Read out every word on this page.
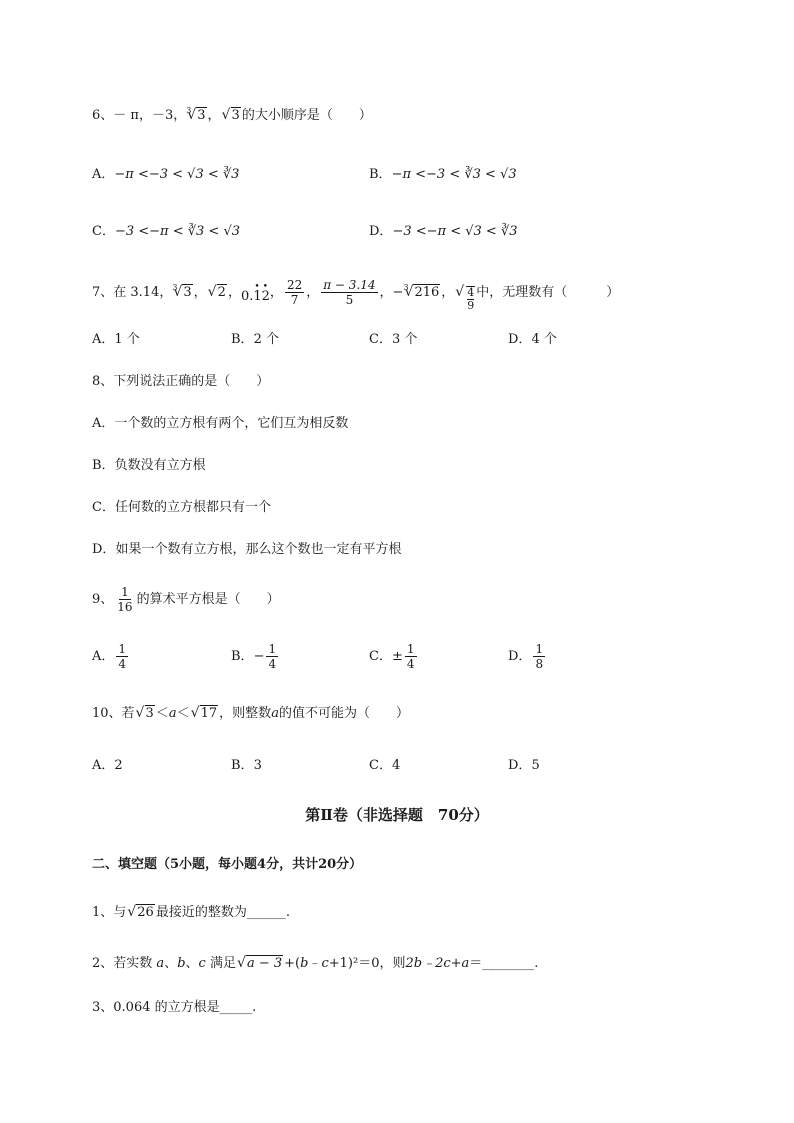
6、－ π，－3， √ 3 3 ， √ 3 的大小顺序是（　　）
A．−π <−3 < √3 < ∛3	B．−π <−3 < ∛3 < √3
C．−3 <−π < ∛3 < √3	D．−3 <−π < √3 < ∛3
7、在 3.14， √ 3 3 ， √ 2 ，0.1 •2 •， $\frac{22}{7}$ ， $\frac{\pi - 3.14}{5}$ ，− √ 3 216 ， √ $\frac{4}{9}$ 中，无理数有（　　　）
A．1 个	B．2 个	C．3 个	D．4 个
8、下列说法正确的是（　　）
A．一个数的立方根有两个，它们互为相反数
B．负数没有立方根
C．任何数的立方根都只有一个
D．如果一个数有立方根，那么这个数也一定有平方根
9、 $\frac{1}{16}$ 的算术平方根是（　　）
A． $\frac{1}{4}$	B．− $\frac{1}{4}$	C．± $\frac{1}{4}$	D． $\frac{1}{8}$
10、若 √ 3 ＜a＜ √ 17 ，则整数a的值不可能为（　　）
A．2	B．3	C．4	D．5
第Ⅱ卷（非选择题　70分）
二、填空题（5小题，每小题4分，共计20分）
1、与 √ 26 最接近的整数为______.
2、若实数 a、b、c 满足 √ a − 3 +(b﹣c+1)²＝0，则2b﹣2c+a＝________.
3、0.064 的立方根是_____.
